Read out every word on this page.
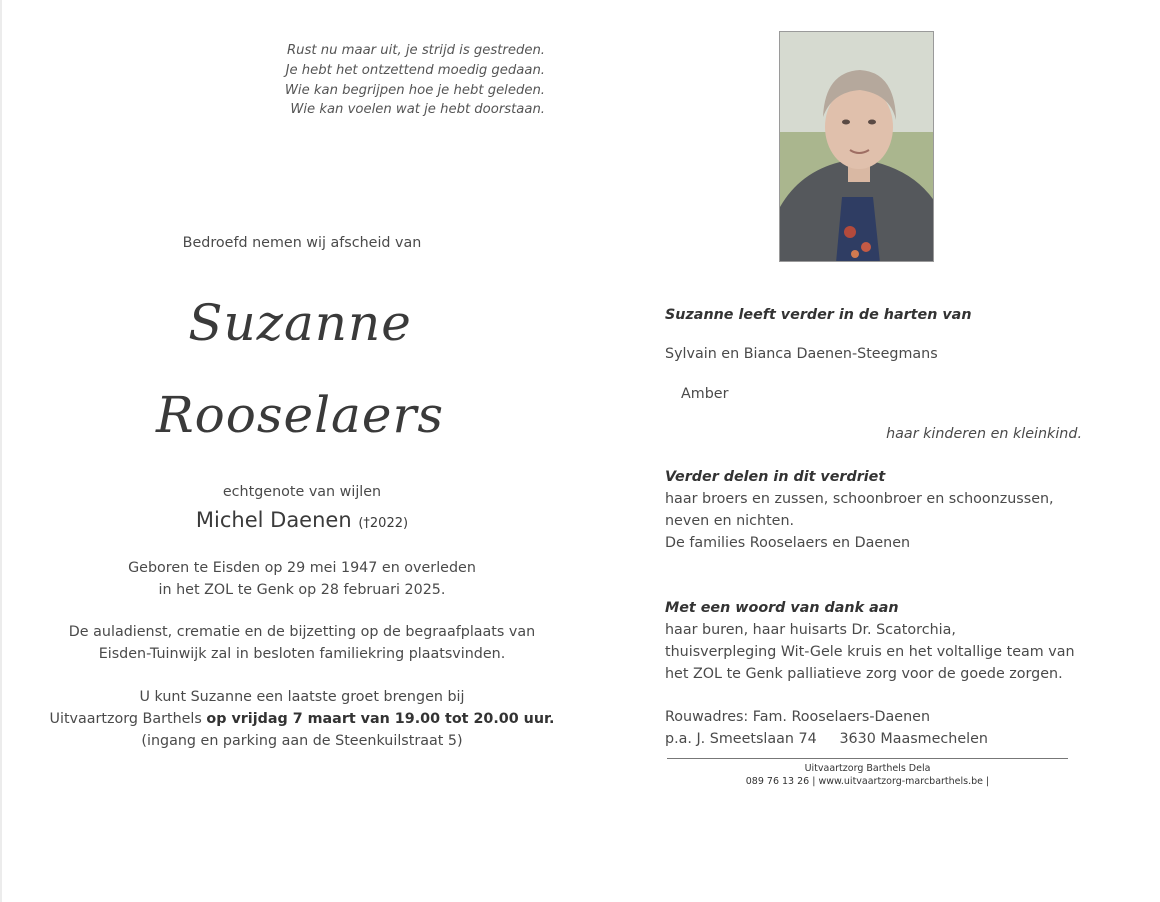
Rust nu maar uit, je strijd is gestreden.
Je hebt het ontzettend moedig gedaan.
Wie kan begrijpen hoe je hebt geleden.
Wie kan voelen wat je hebt doorstaan.
Bedroefd nemen wij afscheid van
Suzanne
Rooselaers
echtgenote van wijlen
Michel Daenen (†2022)
Geboren te Eisden op 29 mei 1947 en overleden
in het ZOL te Genk op 28 februari 2025.
De auladienst, crematie en de bijzetting op de begraafplaats van
Eisden-Tuinwijk zal in besloten familiekring plaatsvinden.
U kunt Suzanne een laatste groet brengen bij
Uitvaartzorg Barthels op vrijdag 7 maart van 19.00 tot 20.00 uur.
(ingang en parking aan de Steenkuilstraat 5)
Suzanne leeft verder in de harten van
Sylvain en Bianca Daenen-Steegmans
Amber
haar kinderen en kleinkind.
Verder delen in dit verdriet
haar broers en zussen, schoonbroer en schoonzussen,
neven en nichten.
De families Rooselaers en Daenen
Met een woord van dank aan
haar buren, haar huisarts Dr. Scatorchia,
thuisverpleging Wit-Gele kruis en het voltallige team van
het ZOL te Genk palliatieve zorg voor de goede zorgen.
Rouwadres: Fam. Rooselaers-Daenen
p.a. J. Smeetslaan 74     3630 Maasmechelen
Uitvaartzorg Barthels Dela
089 76 13 26 | www.uitvaartzorg-marcbarthels.be |
